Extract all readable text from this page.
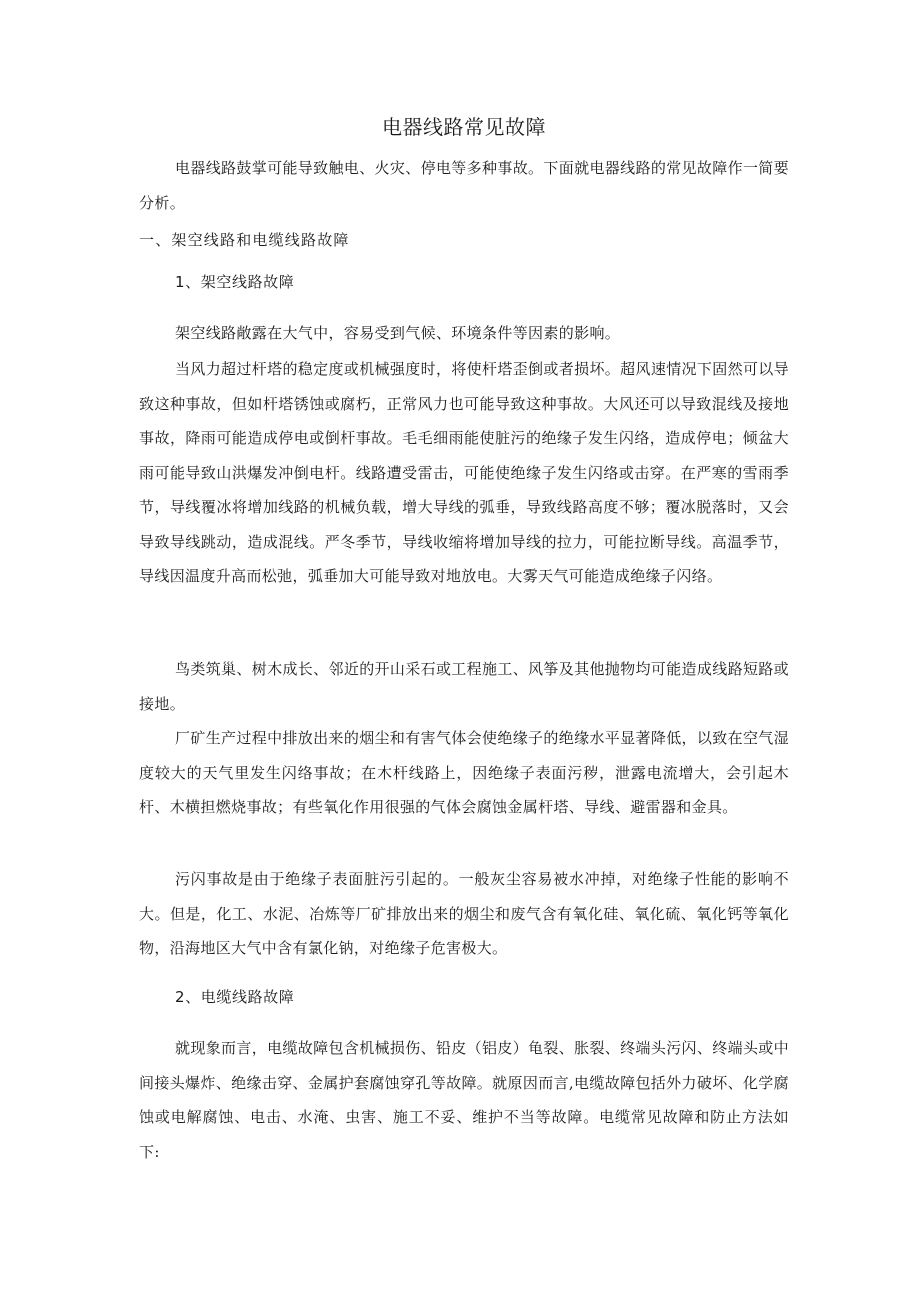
电器线路常见故障
电器线路鼓掌可能导致触电、火灾、停电等多种事故。下面就电器线路的常见故障作一简要分析。
一、架空线路和电缆线路故障
1、架空线路故障
架空线路敞露在大气中，容易受到气候、环境条件等因素的影响。
当风力超过杆塔的稳定度或机械强度时，将使杆塔歪倒或者损坏。超风速情况下固然可以导致这种事故，但如杆塔锈蚀或腐朽，正常风力也可能导致这种事故。大风还可以导致混线及接地事故，降雨可能造成停电或倒杆事故。毛毛细雨能使脏污的绝缘子发生闪络，造成停电；倾盆大雨可能导致山洪爆发冲倒电杆。线路遭受雷击，可能使绝缘子发生闪络或击穿。在严寒的雪雨季节，导线覆冰将增加线路的机械负载，增大导线的弧垂，导致线路高度不够；覆冰脱落时，又会导致导线跳动，造成混线。严冬季节，导线收缩将增加导线的拉力，可能拉断导线。高温季节，导线因温度升高而松弛，弧垂加大可能导致对地放电。大雾天气可能造成绝缘子闪络。
鸟类筑巢、树木成长、邻近的开山采石或工程施工、风筝及其他抛物均可能造成线路短路或接地。
厂矿生产过程中排放出来的烟尘和有害气体会使绝缘子的绝缘水平显著降低，以致在空气湿度较大的天气里发生闪络事故；在木杆线路上，因绝缘子表面污秽，泄露电流增大，会引起木杆、木横担燃烧事故；有些氧化作用很强的气体会腐蚀金属杆塔、导线、避雷器和金具。
污闪事故是由于绝缘子表面脏污引起的。一般灰尘容易被水冲掉，对绝缘子性能的影响不大。但是，化工、水泥、冶炼等厂矿排放出来的烟尘和废气含有氧化硅、氧化硫、氧化钙等氧化物，沿海地区大气中含有氯化钠，对绝缘子危害极大。
2、电缆线路故障
就现象而言，电缆故障包含机械损伤、铅皮（铝皮）龟裂、胀裂、终端头污闪、终端头或中间接头爆炸、绝缘击穿、金属护套腐蚀穿孔等故障。就原因而言,电缆故障包括外力破坏、化学腐蚀或电解腐蚀、电击、水淹、虫害、施工不妥、维护不当等故障。电缆常见故障和防止方法如下:
